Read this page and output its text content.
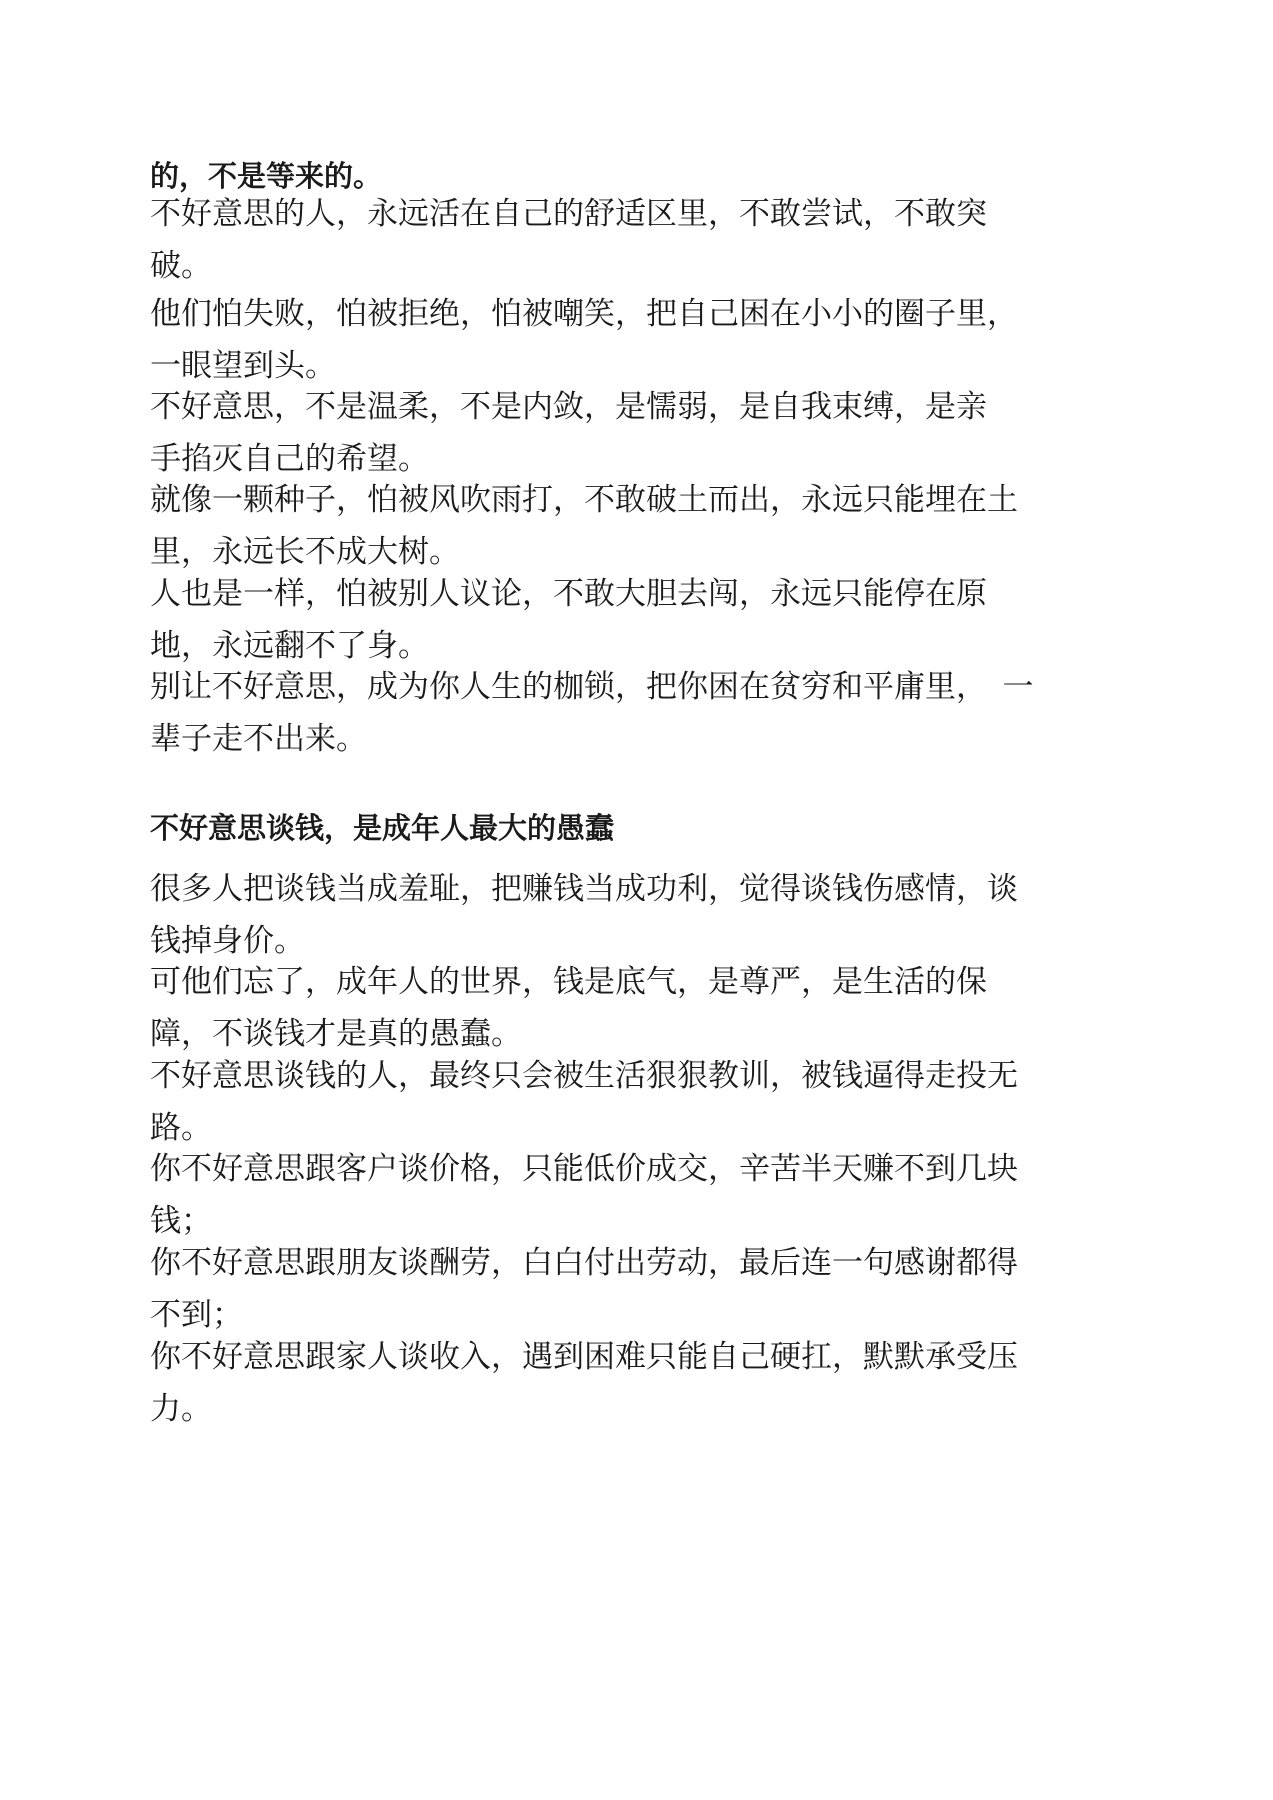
的，不是等来的。

不好意思的人，永远活在自己的舒适区里，不敢尝试，不敢突
破。

他们怕失败，怕被拒绝，怕被嘲笑，把自己困在小小的圈子里，
一眼望到头。

不好意思，不是温柔，不是内敛，是懦弱，是自我束缚，是亲
手掐灭自己的希望。

就像一颗种子，怕被风吹雨打，不敢破土而出，永远只能埋在土
里，永远长不成大树。

人也是一样，怕被别人议论，不敢大胆去闯，永远只能停在原
地，永远翻不了身。

别让不好意思，成为你人生的枷锁，把你困在贫穷和平庸里，　一
辈子走不出来。

不好意思谈钱，是成年人最大的愚蠢

很多人把谈钱当成羞耻，把赚钱当成功利，觉得谈钱伤感情，谈
钱掉身价。

可他们忘了，成年人的世界，钱是底气，是尊严，是生活的保
障，不谈钱才是真的愚蠢。

不好意思谈钱的人，最终只会被生活狠狠教训，被钱逼得走投无
路。

你不好意思跟客户谈价格，只能低价成交，辛苦半天赚不到几块
钱；

你不好意思跟朋友谈酬劳，白白付出劳动，最后连一句感谢都得
不到；

你不好意思跟家人谈收入，遇到困难只能自己硬扛，默默承受压
力。
